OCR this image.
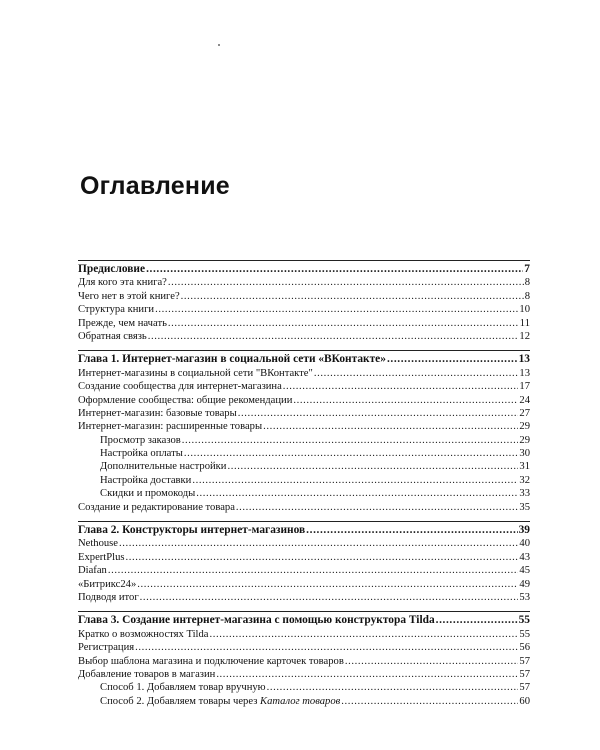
Оглавление
Предисловие .....	7
Для кого эта книга? .....	8
Чего нет в этой книге? .....	8
Структура книги .....	10
Прежде, чем начать .....	11
Обратная связь .....	12
Глава 1. Интернет-магазин в социальной сети «ВКонтакте» .....	13
Интернет-магазины в социальной сети "ВКонтакте" .....	13
Создание сообщества для интернет-магазина .....	17
Оформление сообщества: общие рекомендации .....	24
Интернет-магазин: базовые товары .....	27
Интернет-магазин: расширенные товары .....	29
Просмотр заказов .....	29
Настройка оплаты .....	30
Дополнительные настройки .....	31
Настройка доставки .....	32
Скидки и промокоды .....	33
Создание и редактирование товара .....	35
Глава 2. Конструкторы интернет-магазинов .....	39
Nethouse .....	40
ExpertPlus .....	43
Diafan .....	45
«Битрикс24» .....	49
Подводя итог .....	53
Глава 3. Создание интернет-магазина с помощью конструктора Tilda .....	55
Кратко о возможностях Tilda .....	55
Регистрация .....	56
Выбор шаблона магазина и подключение карточек товаров .....	57
Добавление товаров в магазин .....	57
Способ 1. Добавляем товар вручную .....	57
Способ 2. Добавляем товары через Каталог товаров .....	60
